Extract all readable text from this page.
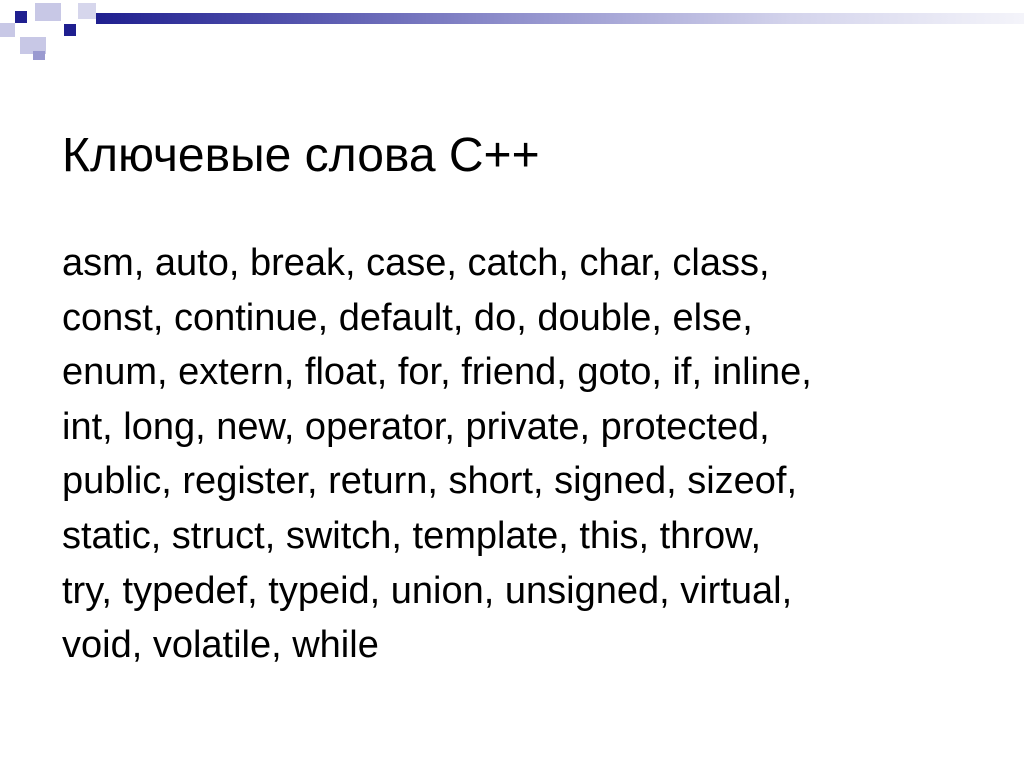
Ключевые слова C++
asm, auto, break, case, catch, char, class,
const, continue, default, do, double, else,
enum, extern, float, for, friend, goto, if, inline,
int, long, new, operator, private, protected,
public, register, return, short, signed, sizeof,
static, struct, switch, template, this, throw,
try, typedef, typeid, union, unsigned, virtual,
void, volatile, while
